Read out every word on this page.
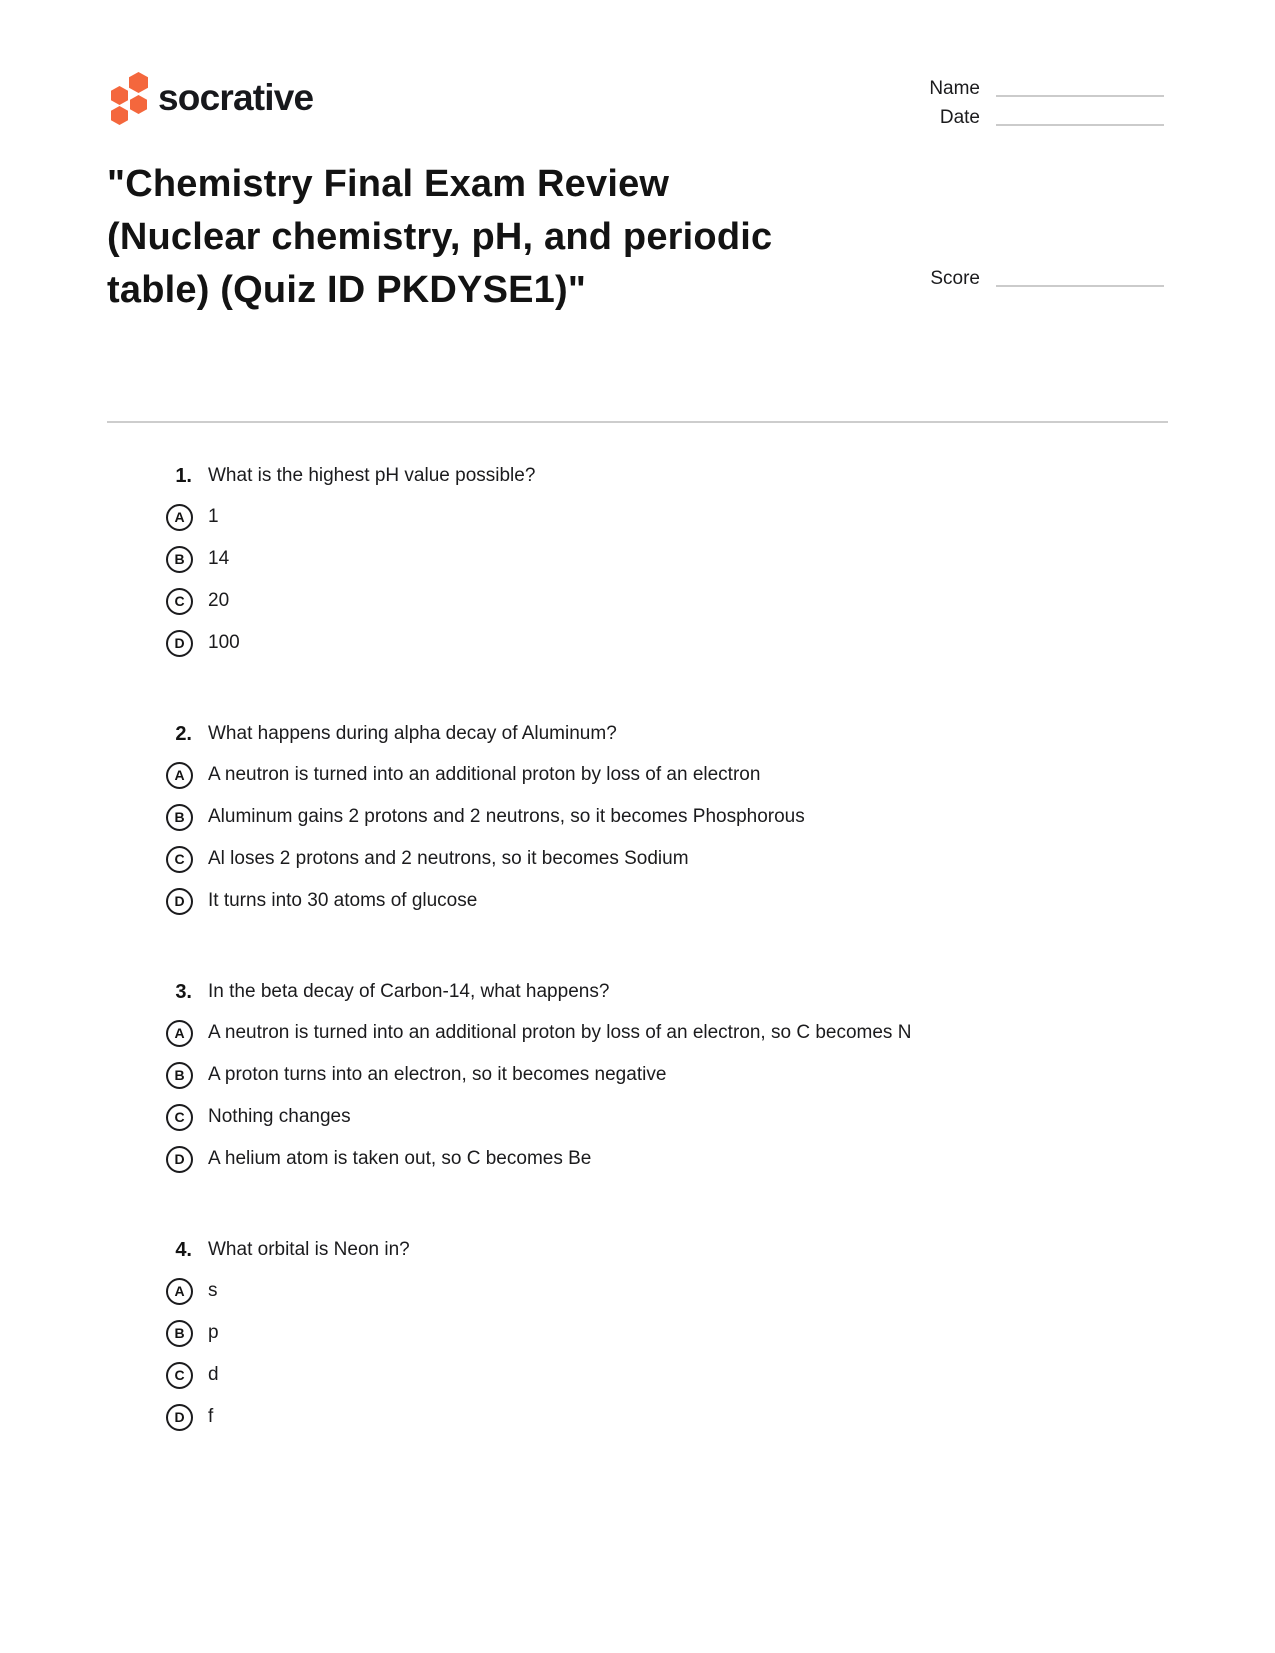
socrative	Name
Date
Score
"Chemistry Final Exam Review (Nuclear chemistry, pH, and periodic table) (Quiz ID PKDYSE1)"
1. What is the highest pH value possible?
A	1
B	14
C	20
D	100
2. What happens during alpha decay of Aluminum?
A	A neutron is turned into an additional proton by loss of an electron
B	Aluminum gains 2 protons and 2 neutrons, so it becomes Phosphorous
C	Al loses 2 protons and 2 neutrons, so it becomes Sodium
D	It turns into 30 atoms of glucose
3. In the beta decay of Carbon-14, what happens?
A	A neutron is turned into an additional proton by loss of an electron, so C becomes N
B	A proton turns into an electron, so it becomes negative
C	Nothing changes
D	A helium atom is taken out, so C becomes Be
4. What orbital is Neon in?
A	s
B	p
C	d
D	f
